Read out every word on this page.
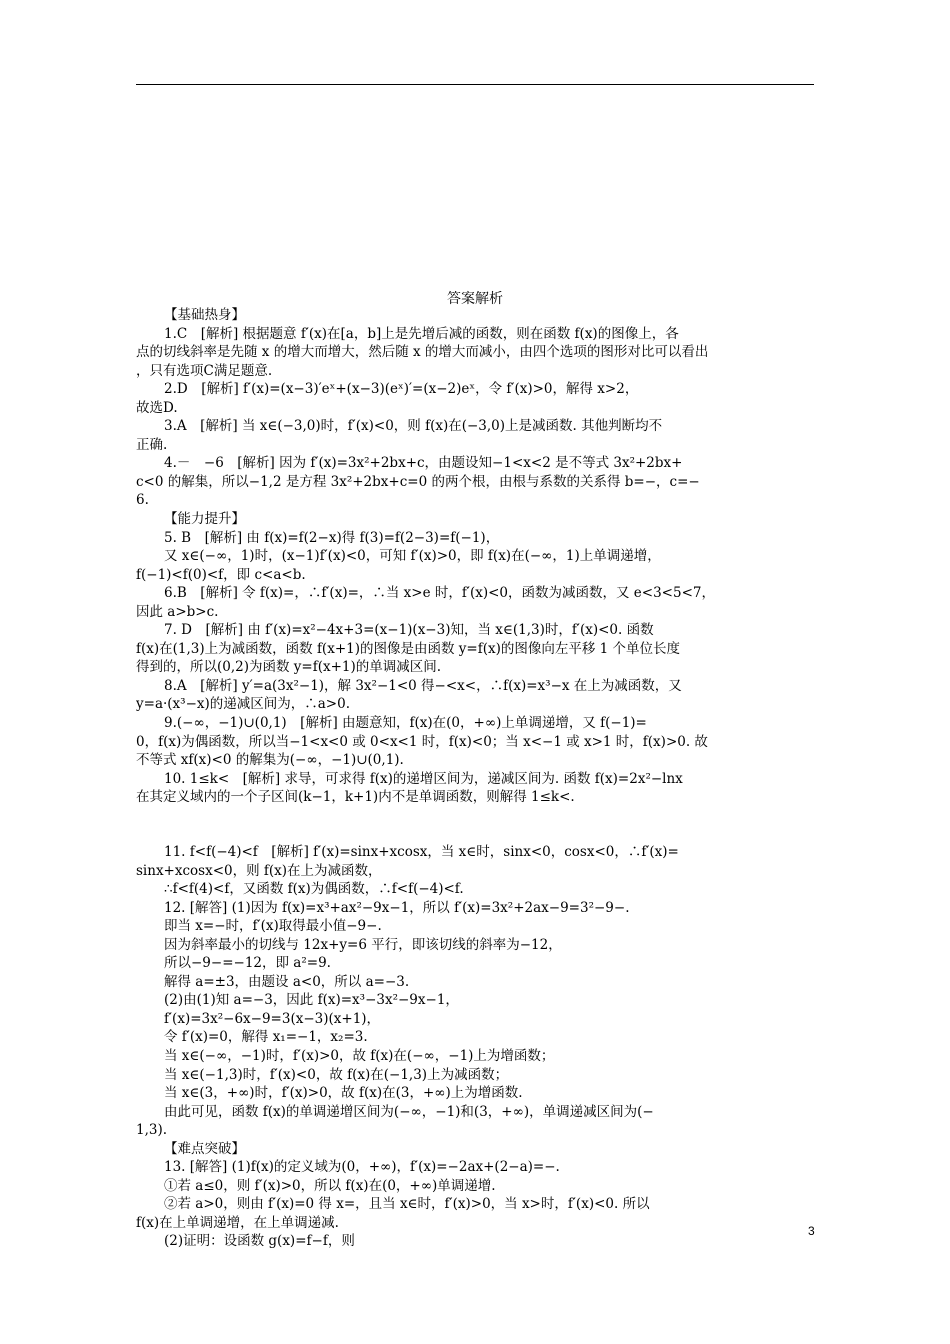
答案解析
【基础热身】
1.C　[解析] 根据题意 f′(x)在[a，b]上是先增后减的函数，则在函数 f(x)的图像上，各
点的切线斜率是先随 x 的增大而增大，然后随 x 的增大而减小，由四个选项的图形对比可以看出
，只有选项C满足题意.
2.D　[解析] f′(x)=(x−3)′eˣ+(x−3)(eˣ)′=(x−2)eˣ，令 f′(x)>0，解得 x>2，
故选D.
3.A　[解析] 当 x∈(−3,0)时，f′(x)<0，则 f(x)在(−3,0)上是减函数. 其他判断均不
正确.
4.－　−6　[解析] 因为 f′(x)=3x²+2bx+c，由题设知−1<x<2 是不等式 3x²+2bx+
c<0 的解集，所以−1,2 是方程 3x²+2bx+c=0 的两个根，由根与系数的关系得 b=−，c=−
6.
【能力提升】
5. B　[解析] 由 f(x)=f(2−x)得 f(3)=f(2−3)=f(−1)，
又 x∈(−∞，1)时，(x−1)f′(x)<0，可知 f′(x)>0，即 f(x)在(−∞，1)上单调递增，
f(−1)<f(0)<f，即 c<a<b.
6.B　[解析] 令 f(x)=，∴f′(x)=，∴当 x>e 时，f′(x)<0，函数为减函数，又 e<3<5<7，
因此 a>b>c.
7. D　[解析] 由 f′(x)=x²−4x+3=(x−1)(x−3)知，当 x∈(1,3)时，f′(x)<0. 函数
f(x)在(1,3)上为减函数，函数 f(x+1)的图像是由函数 y=f(x)的图像向左平移 1 个单位长度
得到的，所以(0,2)为函数 y=f(x+1)的单调减区间.
8.A　[解析] y′=a(3x²−1)，解 3x²−1<0 得−<x<，∴f(x)=x³−x 在上为减函数，又
y=a·(x³−x)的递减区间为，∴a>0.
9.(−∞，−1)∪(0,1)　[解析] 由题意知，f(x)在(0，+∞)上单调递增，又 f(−1)=
0，f(x)为偶函数，所以当−1<x<0 或 0<x<1 时，f(x)<0；当 x<−1 或 x>1 时，f(x)>0. 故
不等式 xf(x)<0 的解集为(−∞，−1)∪(0,1).
10. 1≤k<　[解析] 求导，可求得 f(x)的递增区间为，递减区间为. 函数 f(x)=2x²−lnx
在其定义域内的一个子区间(k−1，k+1)内不是单调函数，则解得 1≤k<.
11. f<f(−4)<f　[解析] f′(x)=sinx+xcosx，当 x∈时，sinx<0，cosx<0，∴f′(x)=
sinx+xcosx<0，则 f(x)在上为减函数，
∴f<f(4)<f，又函数 f(x)为偶函数，∴f<f(−4)<f.
12. [解答] (1)因为 f(x)=x³+ax²−9x−1，所以 f′(x)=3x²+2ax−9=3²−9−.
即当 x=−时，f′(x)取得最小值−9−.
因为斜率最小的切线与 12x+y=6 平行，即该切线的斜率为−12，
所以−9−=−12，即 a²=9.
解得 a=±3，由题设 a<0，所以 a=−3.
(2)由(1)知 a=−3，因此 f(x)=x³−3x²−9x−1，
f′(x)=3x²−6x−9=3(x−3)(x+1)，
令 f′(x)=0，解得 x₁=−1，x₂=3.
当 x∈(−∞，−1)时，f′(x)>0，故 f(x)在(−∞，−1)上为增函数；
当 x∈(−1,3)时，f′(x)<0，故 f(x)在(−1,3)上为减函数；
当 x∈(3，+∞)时，f′(x)>0，故 f(x)在(3，+∞)上为增函数.
由此可见，函数 f(x)的单调递增区间为(−∞，−1)和(3，+∞)，单调递减区间为(−
1,3).
【难点突破】
13. [解答] (1)f(x)的定义域为(0，+∞)，f′(x)=−2ax+(2−a)=−.
①若 a≤0，则 f′(x)>0，所以 f(x)在(0，+∞)单调递增.
②若 a>0，则由 f′(x)=0 得 x=，且当 x∈时，f′(x)>0，当 x>时，f′(x)<0. 所以
f(x)在上单调递增，在上单调递减.
(2)证明：设函数 g(x)=f−f，则
3
